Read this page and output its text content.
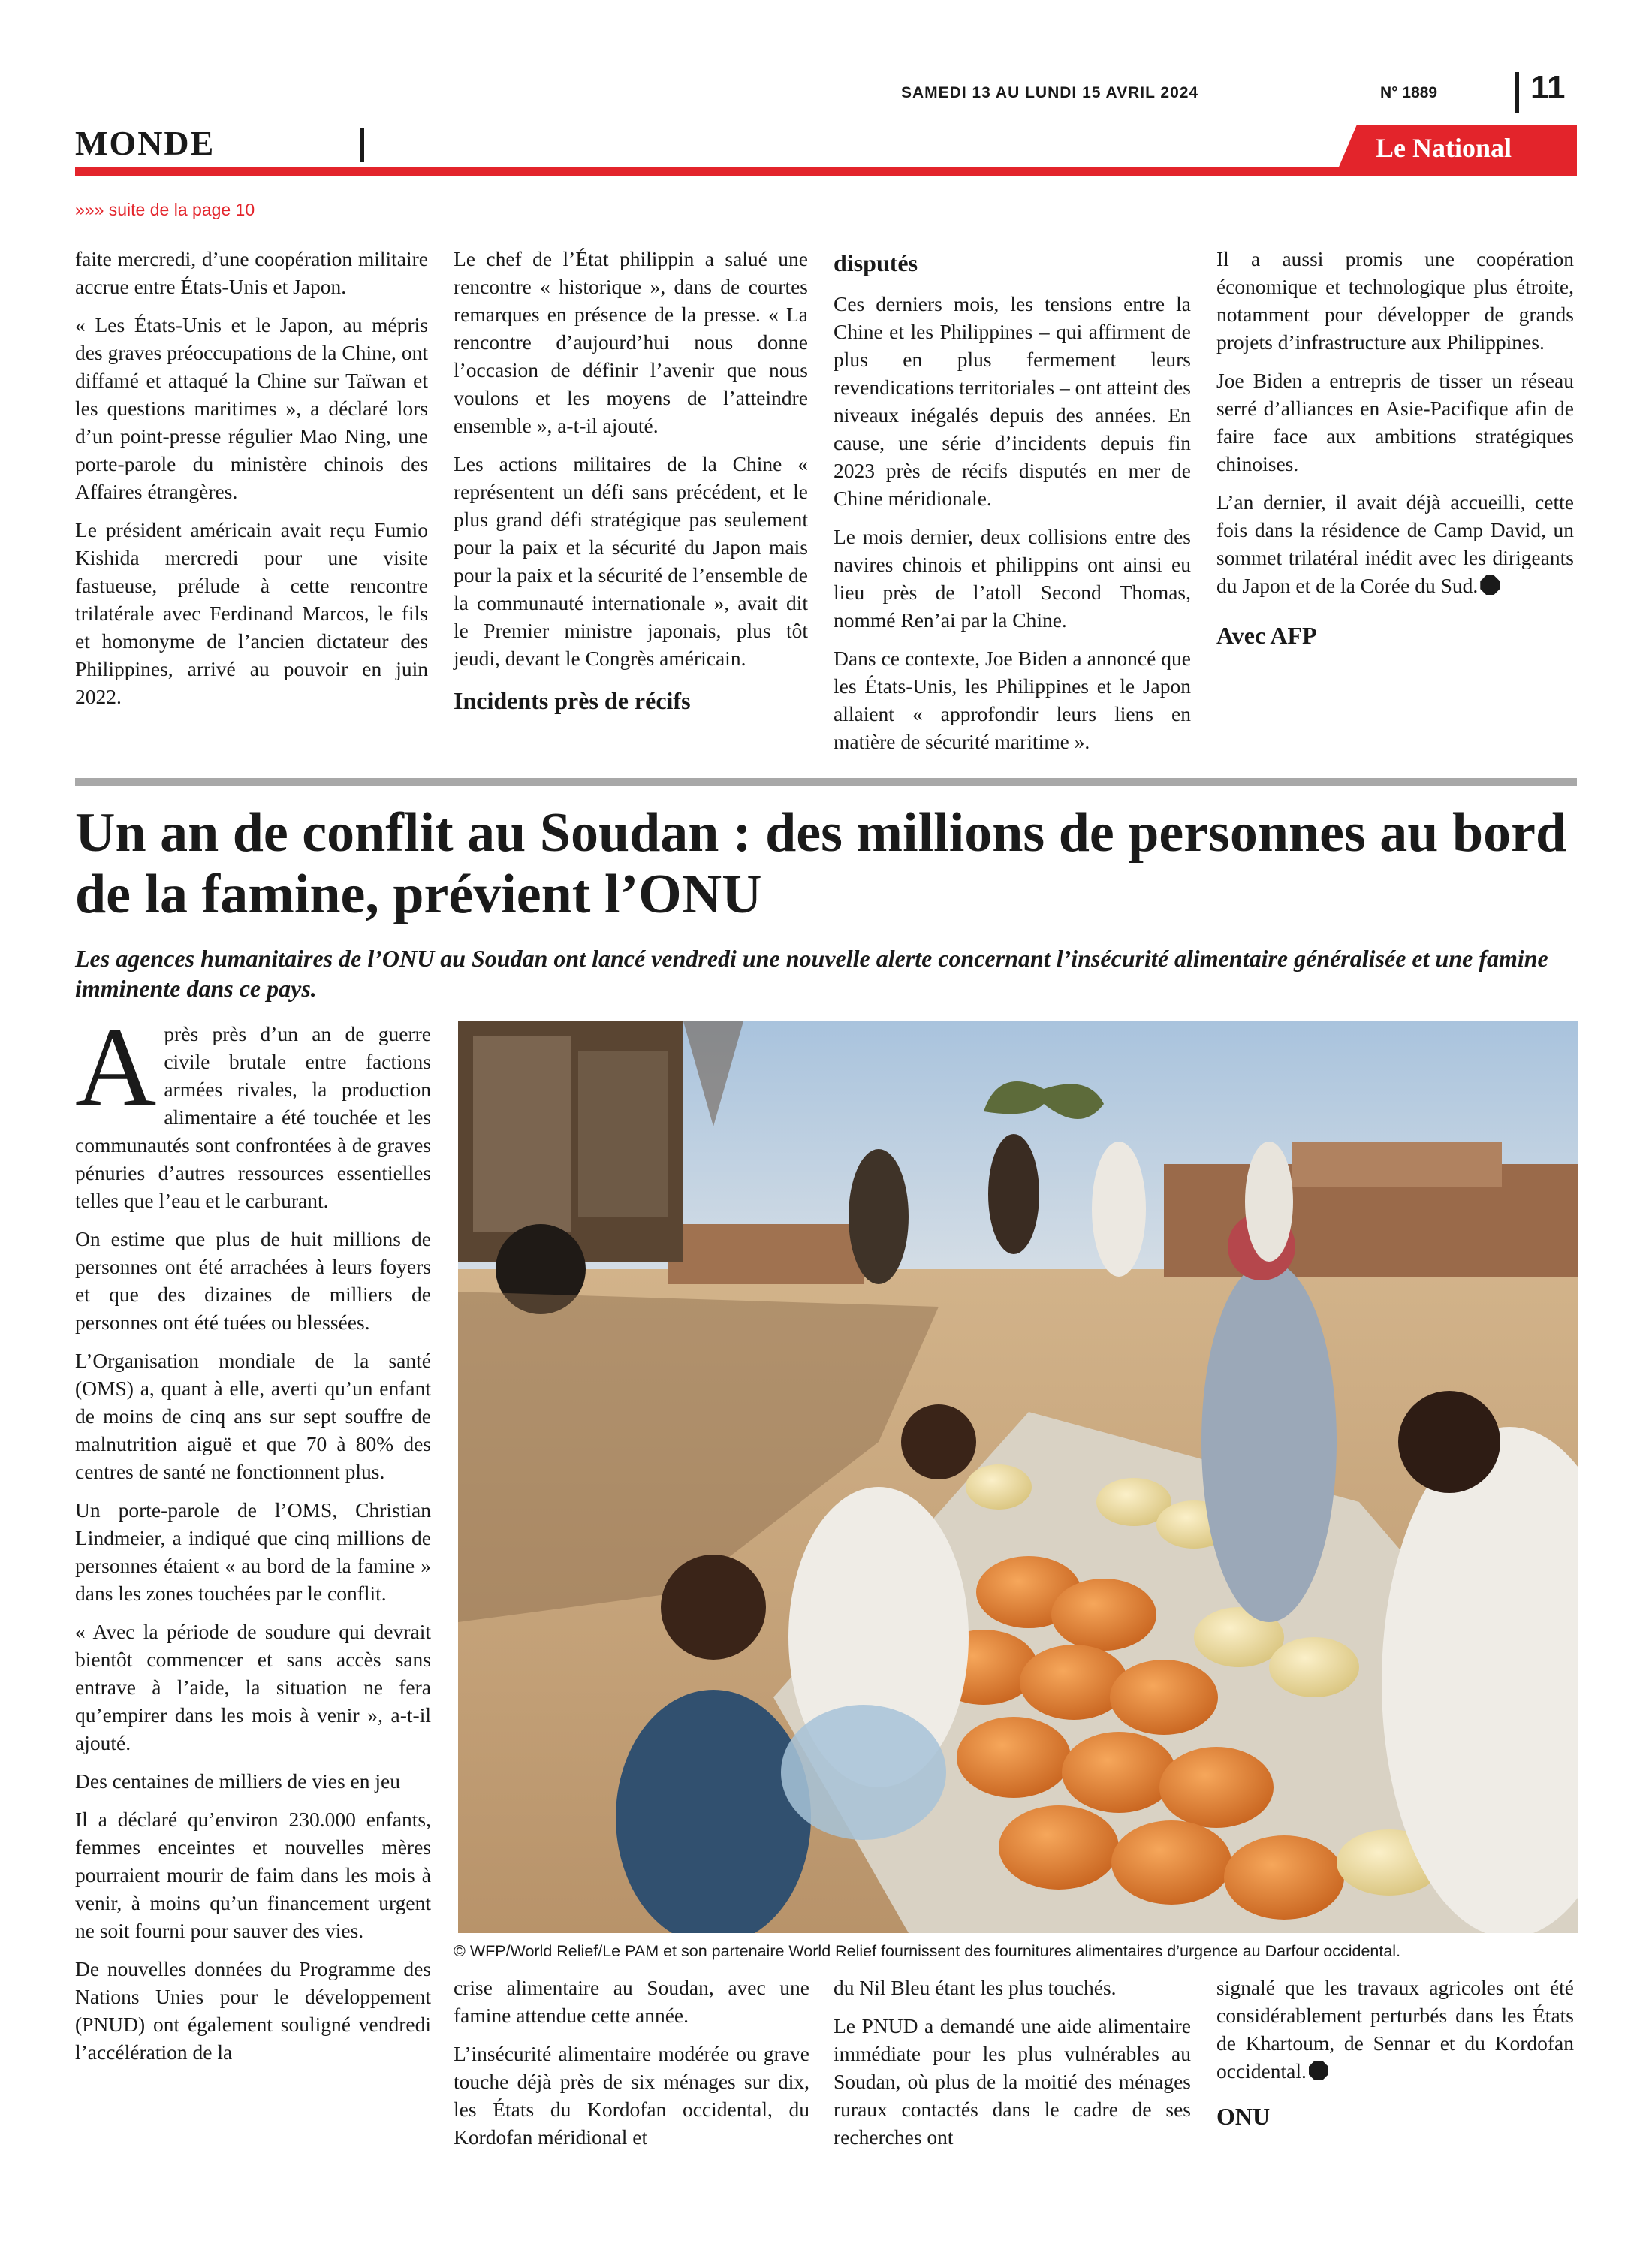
SAMEDI 13 AU LUNDI 15 AVRIL 2024	N° 1889	11
MONDE	Le National
»»» suite de la page 10

faite mercredi, d’une coopération militaire accrue entre États-Unis et Japon.

« Les États-Unis et le Japon, au mépris des graves préoccupations de la Chine, ont diffamé et attaqué la Chine sur Taïwan et les questions maritimes », a déclaré lors d’un point-presse régulier Mao Ning, une porte-parole du ministère chinois des Affaires étrangères.

Le président américain avait reçu Fumio Kishida mercredi pour une visite fastueuse, prélude à cette rencontre trilatérale avec Ferdinand Marcos, le fils et homonyme de l’ancien dictateur des Philippines, arrivé au pouvoir en juin 2022.

Le chef de l’État philippin a salué une rencontre « historique », dans de courtes remarques en présence de la presse. « La rencontre d’aujourd’hui nous donne l’occasion de définir l’avenir que nous voulons et les moyens de l’atteindre ensemble », a-t-il ajouté.

Les actions militaires de la Chine « représentent un défi sans précédent, et le plus grand défi stratégique pas seulement pour la paix et la sécurité du Japon mais pour la paix et la sécurité de l’ensemble de la communauté internationale », avait dit le Premier ministre japonais, plus tôt jeudi, devant le Congrès américain.

Incidents près de récifs
disputés

Ces derniers mois, les tensions entre la Chine et les Philippines – qui affirment de plus en plus fermement leurs revendications territoriales – ont atteint des niveaux inégalés depuis des années. En cause, une série d’incidents depuis fin 2023 près de récifs disputés en mer de Chine méridionale.

Le mois dernier, deux collisions entre des navires chinois et philippins ont ainsi eu lieu près de l’atoll Second Thomas, nommé Ren’ai par la Chine.

Dans ce contexte, Joe Biden a annoncé que les États-Unis, les Philippines et le Japon allaient « approfondir leurs liens en matière de sécurité maritime ».

Il a aussi promis une coopération économique et technologique plus étroite, notamment pour développer de grands projets d’infrastructure aux Philippines.

Joe Biden a entrepris de tisser un réseau serré d’alliances en Asie-Pacifique afin de faire face aux ambitions stratégiques chinoises.

L’an dernier, il avait déjà accueilli, cette fois dans la résidence de Camp David, un sommet trilatéral inédit avec les dirigeants du Japon et de la Corée du Sud.

Avec AFP
Un an de conflit au Soudan : des millions de personnes au bord de la famine, prévient l’ONU
Les agences humanitaires de l’ONU au Soudan ont lancé vendredi une nouvelle alerte concernant l’insécurité alimentaire généralisée et une famine imminente dans ce pays.

Après près d’un an de guerre civile brutale entre factions armées rivales, la production alimentaire a été touchée et les communautés sont confrontées à de graves pénuries d’autres ressources essentielles telles que l’eau et le carburant.

On estime que plus de huit millions de personnes ont été arrachées à leurs foyers et que des dizaines de milliers de personnes ont été tuées ou blessées.

L’Organisation mondiale de la santé (OMS) a, quant à elle, averti qu’un enfant de moins de cinq ans sur sept souffre de malnutrition aiguë et que 70 à 80% des centres de santé ne fonctionnent plus.

Un porte-parole de l’OMS, Christian Lindmeier, a indiqué que cinq millions de personnes étaient « au bord de la famine » dans les zones touchées par le conflit.

« Avec la période de soudure qui devrait bientôt commencer et sans accès sans entrave à l’aide, la situation ne fera qu’empirer dans les mois à venir », a-t-il ajouté.

Des centaines de milliers de vies en jeu

Il a déclaré qu’environ 230.000 enfants, femmes enceintes et nouvelles mères pourraient mourir de faim dans les mois à venir, à moins qu’un financement urgent ne soit fourni pour sauver des vies.

De nouvelles données du Programme des Nations Unies pour le développement (PNUD) ont également souligné vendredi l’accélération de la

© WFP/World Relief/Le PAM et son partenaire World Relief fournissent des fournitures alimentaires d’urgence au Darfour occidental.

crise alimentaire au Soudan, avec une famine attendue cette année.

L’insécurité alimentaire modérée ou grave touche déjà près de six ménages sur dix, les États du Kordofan occidental, du Kordofan méridional et

du Nil Bleu étant les plus touchés.

Le PNUD a demandé une aide alimentaire immédiate pour les plus vulnérables au Soudan, où plus de la moitié des ménages ruraux contactés dans le cadre de ses recherches ont

signalé que les travaux agricoles ont été considérablement perturbés dans les États de Khartoum, de Sennar et du Kordofan occidental.

ONU
